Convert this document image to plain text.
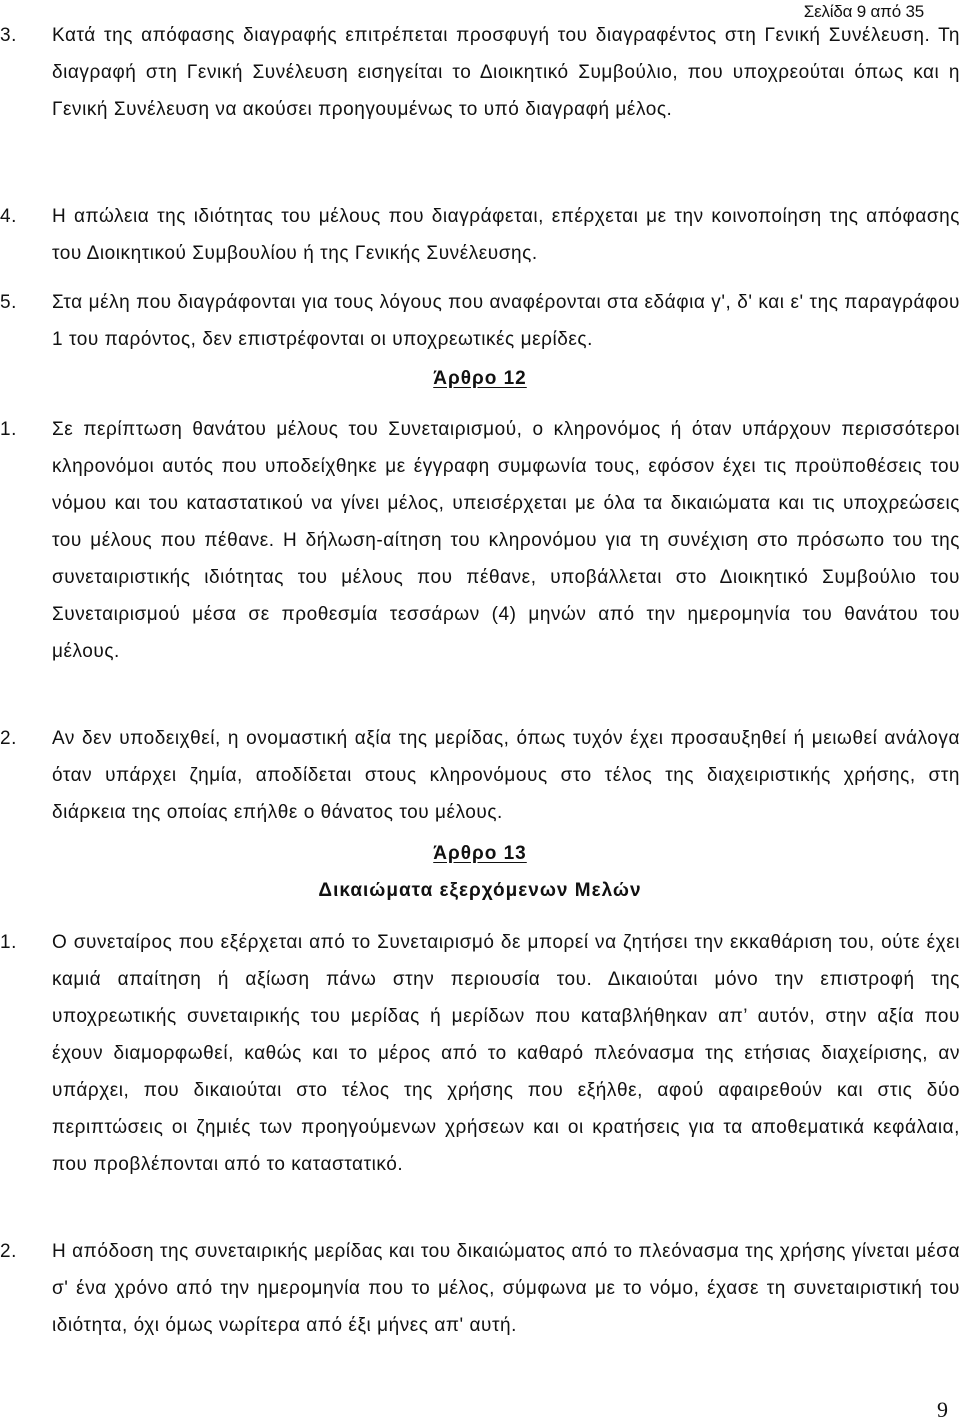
Σελίδα 9 από 35

3. Κατά της απόφασης διαγραφής επιτρέπεται προσφυγή του διαγραφέντος στη Γενική Συνέλευση. Τη διαγραφή στη Γενική Συνέλευση εισηγείται το Διοικητικό Συμβούλιο, που υποχρεούται όπως και η Γενική Συνέλευση να ακούσει προηγουμένως το υπό διαγραφή μέλος.

4. Η απώλεια της ιδιότητας του μέλους που διαγράφεται, επέρχεται με την κοινοποίηση της απόφασης του Διοικητικού Συμβουλίου ή της Γενικής Συνέλευσης.

5. Στα μέλη που διαγράφονται για τους λόγους που αναφέρονται στα εδάφια γ', δ' και ε' της παραγράφου 1 του παρόντος, δεν επιστρέφονται οι υποχρεωτικές μερίδες.

Άρθρο 12

1. Σε περίπτωση θανάτου μέλους του Συνεταιρισμού, ο κληρονόμος ή όταν υπάρχουν περισσότεροι κληρονόμοι αυτός που υποδείχθηκε με έγγραφη συμφωνία τους, εφόσον έχει τις προϋποθέσεις του νόμου και του καταστατικού να γίνει μέλος, υπεισέρχεται με όλα τα δικαιώματα και τις υποχρεώσεις του μέλους που πέθανε. Η δήλωση-αίτηση του κληρονόμου για τη συνέχιση στο πρόσωπο του της συνεταιριστικής ιδιότητας του μέλους που πέθανε, υποβάλλεται στο Διοικητικό Συμβούλιο του Συνεταιρισμού μέσα σε προθεσμία τεσσάρων (4) μηνών από την ημερομηνία του θανάτου του μέλους.

2. Αν δεν υποδειχθεί, η ονομαστική αξία της μερίδας, όπως τυχόν έχει προσαυξηθεί ή μειωθεί ανάλογα όταν υπάρχει ζημία, αποδίδεται στους κληρονόμους στο τέλος της διαχειριστικής χρήσης, στη διάρκεια της οποίας επήλθε ο θάνατος του μέλους.

Άρθρο 13
Δικαιώματα εξερχόμενων Μελών

1. Ο συνεταίρος που εξέρχεται από το Συνεταιρισμό δε μπορεί να ζητήσει την εκκαθάριση του, ούτε έχει καμιά απαίτηση ή αξίωση πάνω στην περιουσία του. Δικαιούται μόνο την επιστροφή της υποχρεωτικής συνεταιρικής του μερίδας ή μερίδων που καταβλήθηκαν απ’ αυτόν, στην αξία που έχουν διαμορφωθεί, καθώς και το μέρος από το καθαρό πλεόνασμα της ετήσιας διαχείρισης, αν υπάρχει, που δικαιούται στο τέλος της χρήσης που εξήλθε, αφού αφαιρεθούν και στις δύο περιπτώσεις οι ζημιές των προηγούμενων χρήσεων και οι κρατήσεις για τα αποθεματικά κεφάλαια, που προβλέπονται από το καταστατικό.

2. Η απόδοση της συνεταιρικής μερίδας και του δικαιώματος από το πλεόνασμα της χρήσης γίνεται μέσα σ' ένα χρόνο από την ημερομηνία που το μέλος, σύμφωνα με το νόμο, έχασε τη συνεταιριστική του ιδιότητα, όχι όμως νωρίτερα από έξι μήνες απ' αυτή.

9
